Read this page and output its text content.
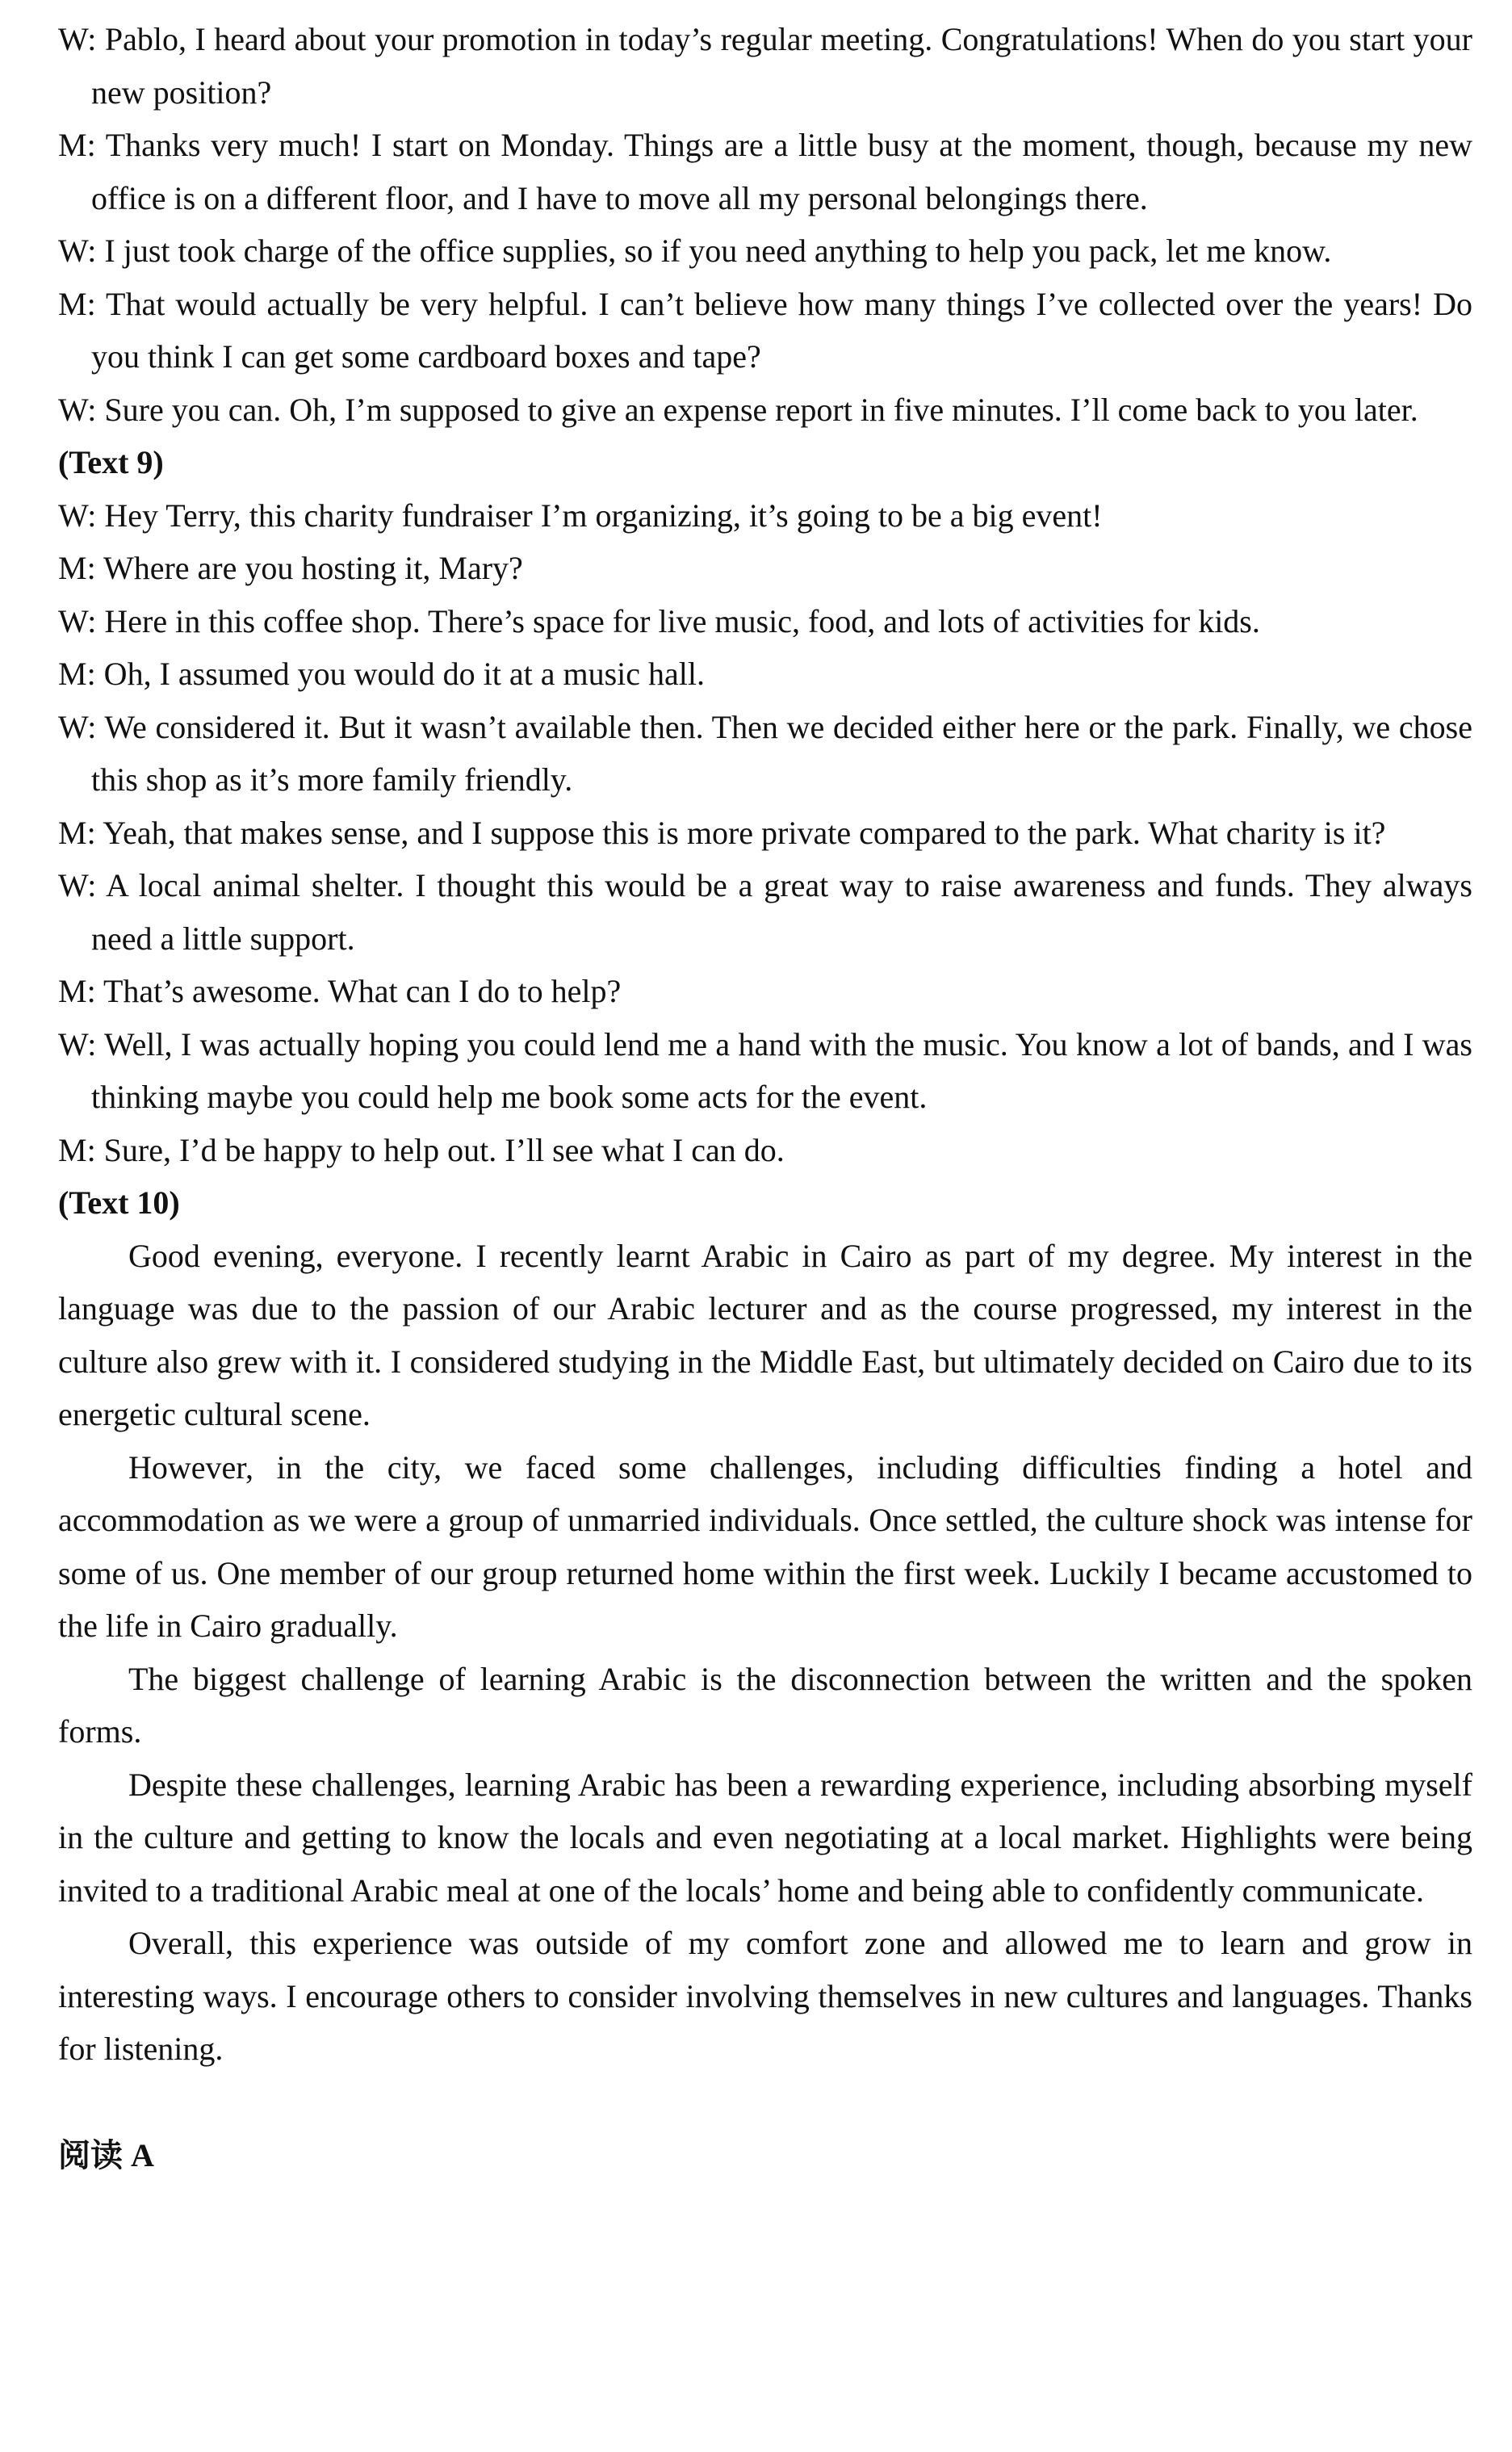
W: Pablo, I heard about your promotion in today’s regular meeting. Congratulations! When do you start your new position?
M: Thanks very much! I start on Monday. Things are a little busy at the moment, though, because my new office is on a different floor, and I have to move all my personal belongings there.
W: I just took charge of the office supplies, so if you need anything to help you pack, let me know.
M: That would actually be very helpful. I can’t believe how many things I’ve collected over the years! Do you think I can get some cardboard boxes and tape?
W: Sure you can. Oh, I’m supposed to give an expense report in five minutes. I’ll come back to you later.
(Text 9)
W: Hey Terry, this charity fundraiser I’m organizing, it’s going to be a big event!
M: Where are you hosting it, Mary?
W: Here in this coffee shop. There’s space for live music, food, and lots of activities for kids.
M: Oh, I assumed you would do it at a music hall.
W: We considered it. But it wasn’t available then. Then we decided either here or the park. Finally, we chose this shop as it’s more family friendly.
M: Yeah, that makes sense, and I suppose this is more private compared to the park. What charity is it?
W: A local animal shelter. I thought this would be a great way to raise awareness and funds. They always need a little support.
M: That’s awesome. What can I do to help?
W: Well, I was actually hoping you could lend me a hand with the music. You know a lot of bands, and I was thinking maybe you could help me book some acts for the event.
M: Sure, I’d be happy to help out. I’ll see what I can do.
(Text 10)
Good evening, everyone. I recently learnt Arabic in Cairo as part of my degree. My interest in the language was due to the passion of our Arabic lecturer and as the course progressed, my interest in the culture also grew with it. I considered studying in the Middle East, but ultimately decided on Cairo due to its energetic cultural scene.
However, in the city, we faced some challenges, including difficulties finding a hotel and accommodation as we were a group of unmarried individuals. Once settled, the culture shock was intense for some of us. One member of our group returned home within the first week. Luckily I became accustomed to the life in Cairo gradually.
The biggest challenge of learning Arabic is the disconnection between the written and the spoken forms.
Despite these challenges, learning Arabic has been a rewarding experience, including absorbing myself in the culture and getting to know the locals and even negotiating at a local market. Highlights were being invited to a traditional Arabic meal at one of the locals’ home and being able to confidently communicate.
Overall, this experience was outside of my comfort zone and allowed me to learn and grow in interesting ways. I encourage others to consider involving themselves in new cultures and languages. Thanks for listening.
阅读 A
